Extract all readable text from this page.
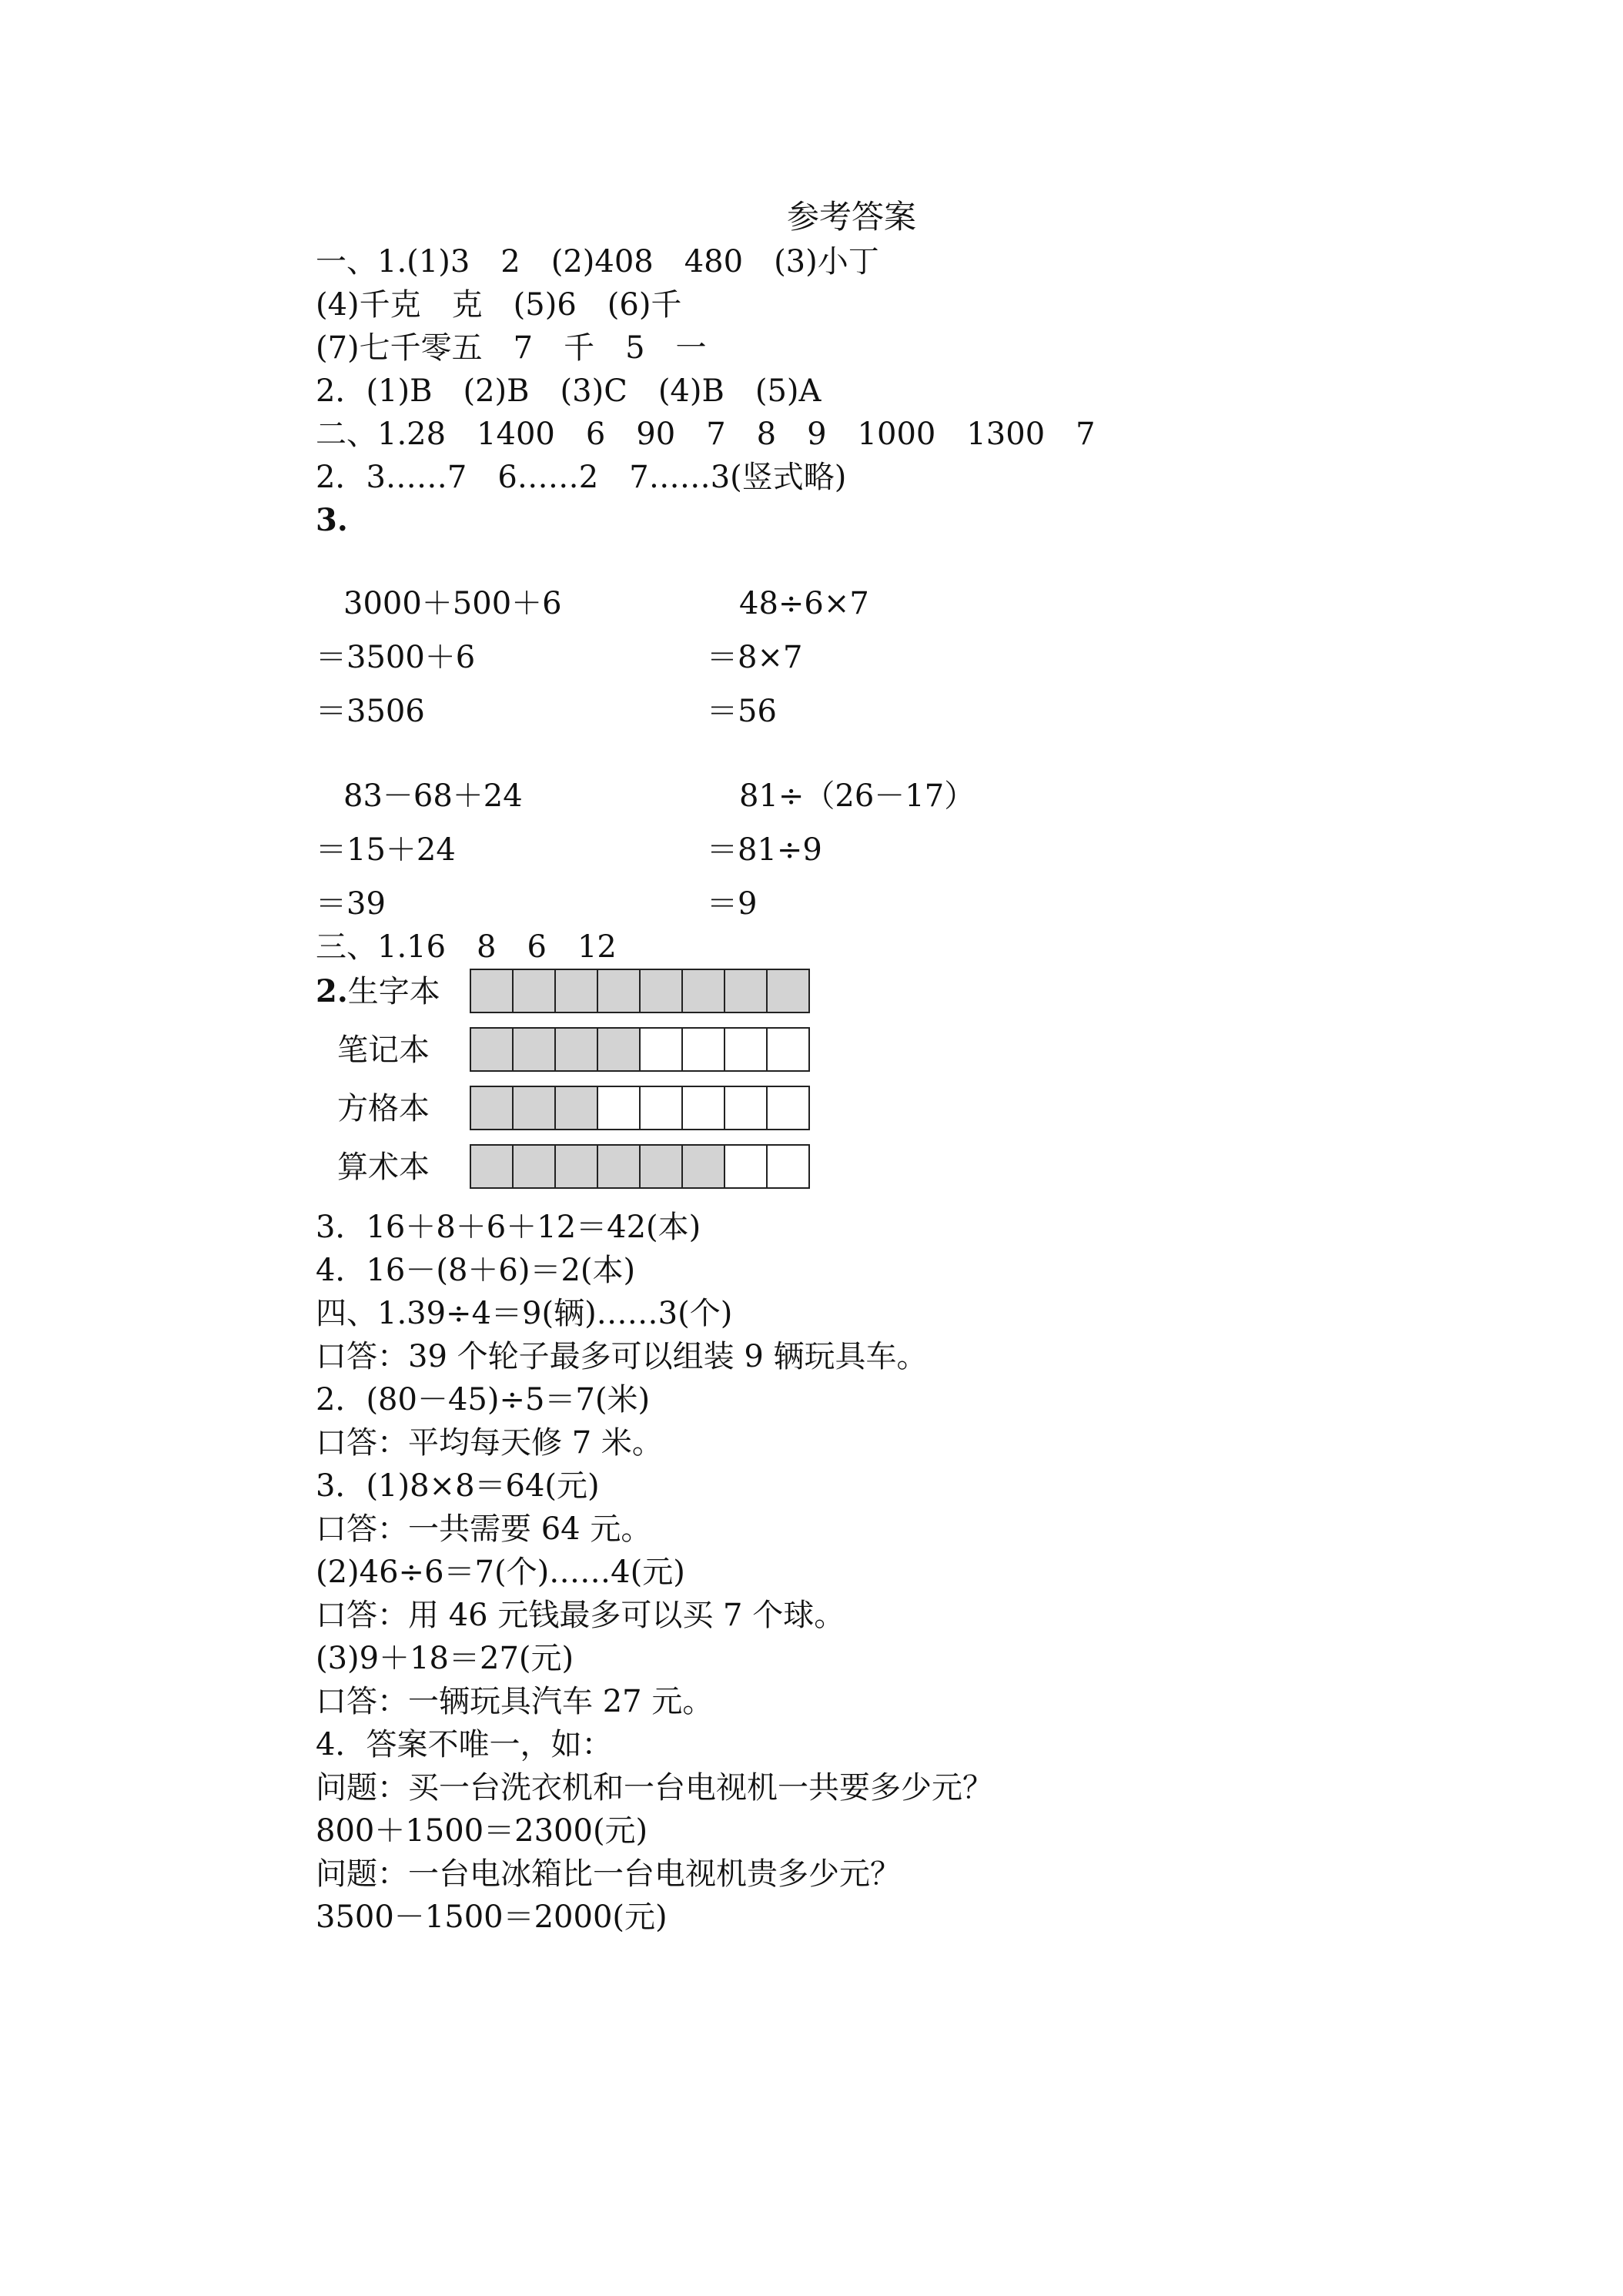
参考答案
一、1.(1)3　2　(2)408　480　(3)小丁
(4)千克　克　(5)6　(6)千
(7)七千零五　7　千　5　一
2．(1)B　(2)B　(3)C　(4)B　(5)A
二、1.28　1400　6　90　7　8　9　1000　1300　7
2．3……7　6……2　7……3(竖式略)
3.
3000＋500＋6
＝3500＋6
＝3506
48÷6×7
＝8×7
＝56
83－68＋24
＝15＋24
＝39
81÷（26－17）
＝81÷9
＝9
三、1.16　8　6　12
3．16＋8＋6＋12＝42(本)
4．16－(8＋6)＝2(本)
四、1.39÷4＝9(辆)……3(个)
口答：39 个轮子最多可以组装 9 辆玩具车。
2．(80－45)÷5＝7(米)
口答：平均每天修 7 米。
3．(1)8×8＝64(元)
口答：一共需要 64 元。
(2)46÷6＝7(个)……4(元)
口答：用 46 元钱最多可以买 7 个球。
(3)9＋18＝27(元)
口答：一辆玩具汽车 27 元。
4．答案不唯一，如：
问题：买一台洗衣机和一台电视机一共要多少元？
800＋1500＝2300(元)
问题：一台电冰箱比一台电视机贵多少元？
3500－1500＝2000(元)
2.生字本
笔记本
方格本
算术本
